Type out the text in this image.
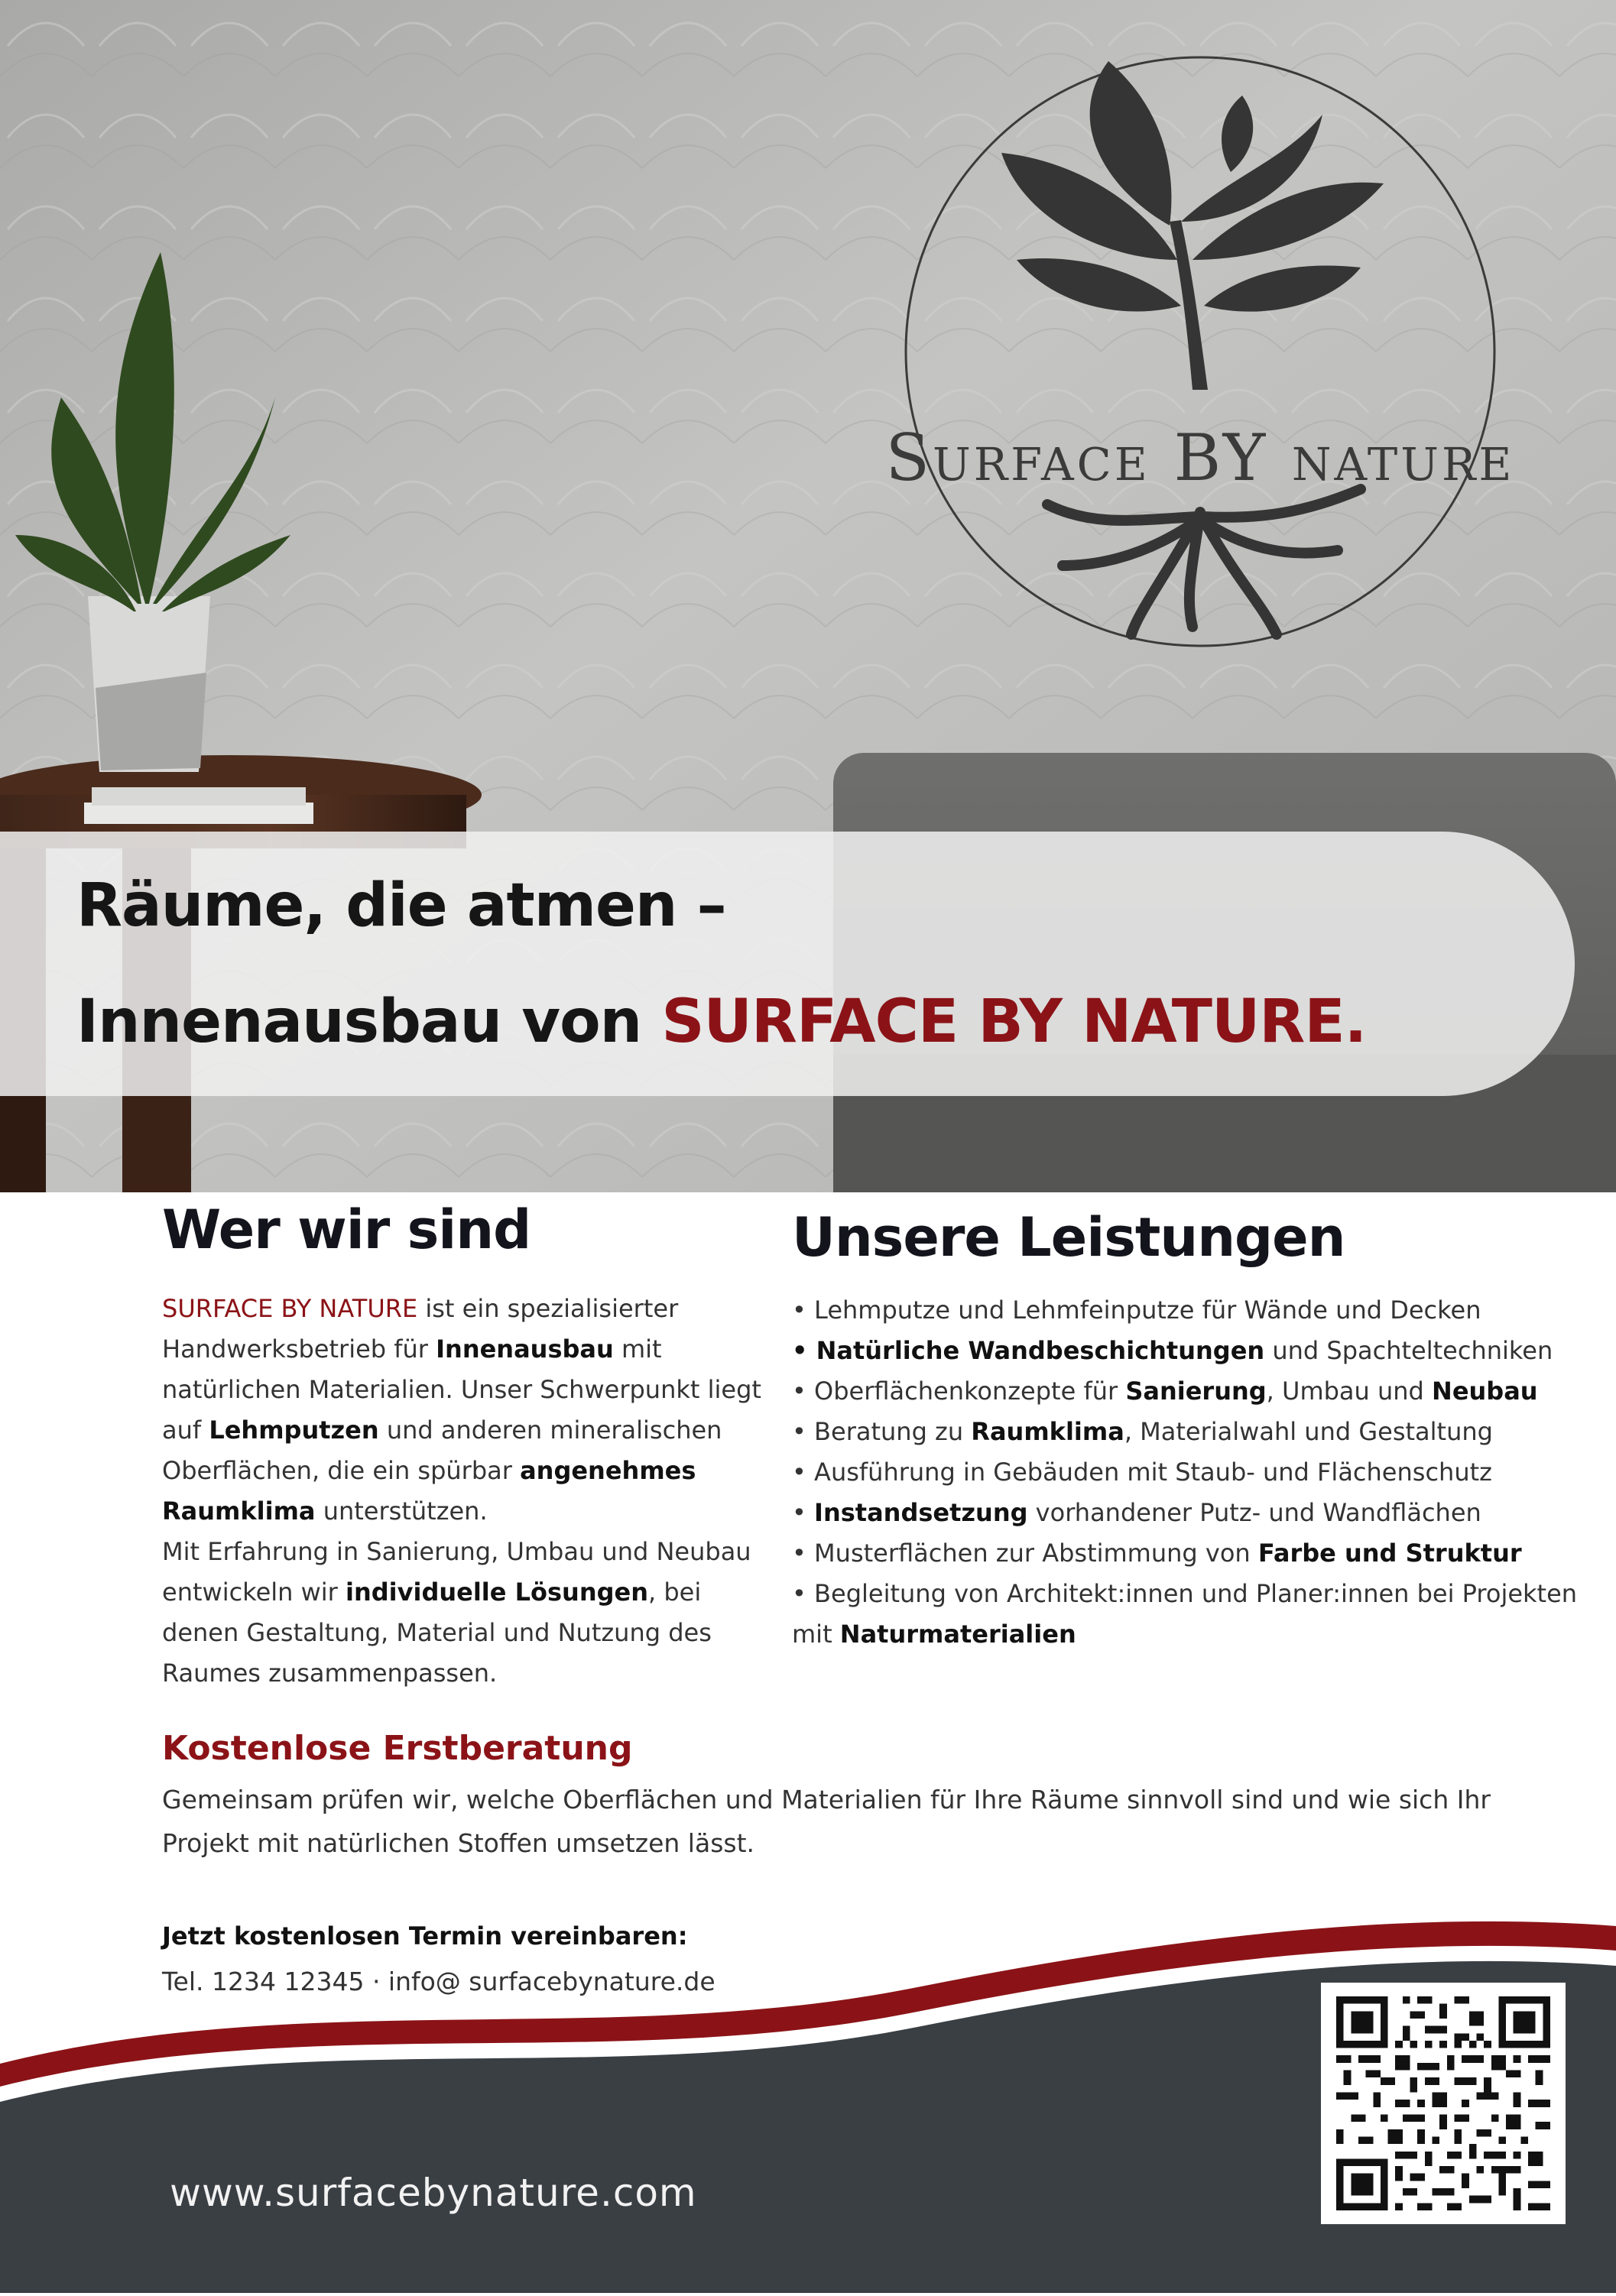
Surface BY nature
Räume, die atmen –
Innenausbau von SURFACE BY NATURE.
Wer wir sind
SURFACE BY NATURE ist ein spezialisierter Handwerksbetrieb für Innenausbau mit natürlichen Materialien. Unser Schwerpunkt liegt auf Lehmputzen und anderen mineralischen Oberflächen, die ein spürbar angenehmes Raumklima unterstützen.
Mit Erfahrung in Sanierung, Umbau und Neubau entwickeln wir individuelle Lösungen, bei denen Gestaltung, Material und Nutzung des Raumes zusammenpassen.
Unsere Leistungen
• Lehmputze und Lehmfeinputze für Wände und Decken
• Natürliche Wandbeschichtungen und Spachteltechniken
• Oberflächenkonzepte für Sanierung, Umbau und Neubau
• Beratung zu Raumklima, Materialwahl und Gestaltung
• Ausführung in Gebäuden mit Staub- und Flächenschutz
• Instandsetzung vorhandener Putz- und Wandflächen
• Musterflächen zur Abstimmung von Farbe und Struktur
• Begleitung von Architekt:innen und Planer:innen bei Projekten mit Naturmaterialien
Kostenlose Erstberatung
Gemeinsam prüfen wir, welche Oberflächen und Materialien für Ihre Räume sinnvoll sind und wie sich Ihr Projekt mit natürlichen Stoffen umsetzen lässt.
Jetzt kostenlosen Termin vereinbaren:
Tel. 1234 12345 · info@ surfacebynature.de
www.surfacebynature.com
